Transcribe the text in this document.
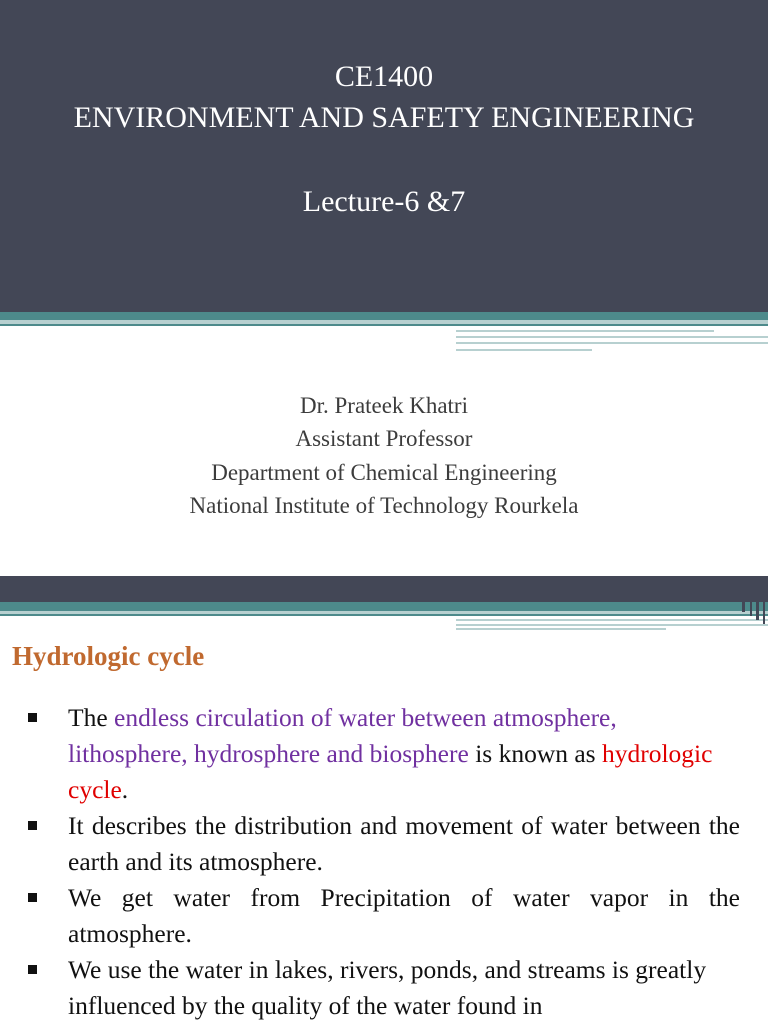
CE1400
ENVIRONMENT AND SAFETY ENGINEERING
Lecture-6 &7
Dr. Prateek Khatri
Assistant Professor
Department of Chemical Engineering
National Institute of Technology Rourkela
Hydrologic cycle
The endless circulation of water between atmosphere, lithosphere, hydrosphere and biosphere is known as hydrologic cycle.
It describes the distribution and movement of water between the earth and its atmosphere.
We get water from Precipitation of water vapor in the atmosphere.
We use the water in lakes, rivers, ponds, and streams is greatly influenced by the quality of the water found in
